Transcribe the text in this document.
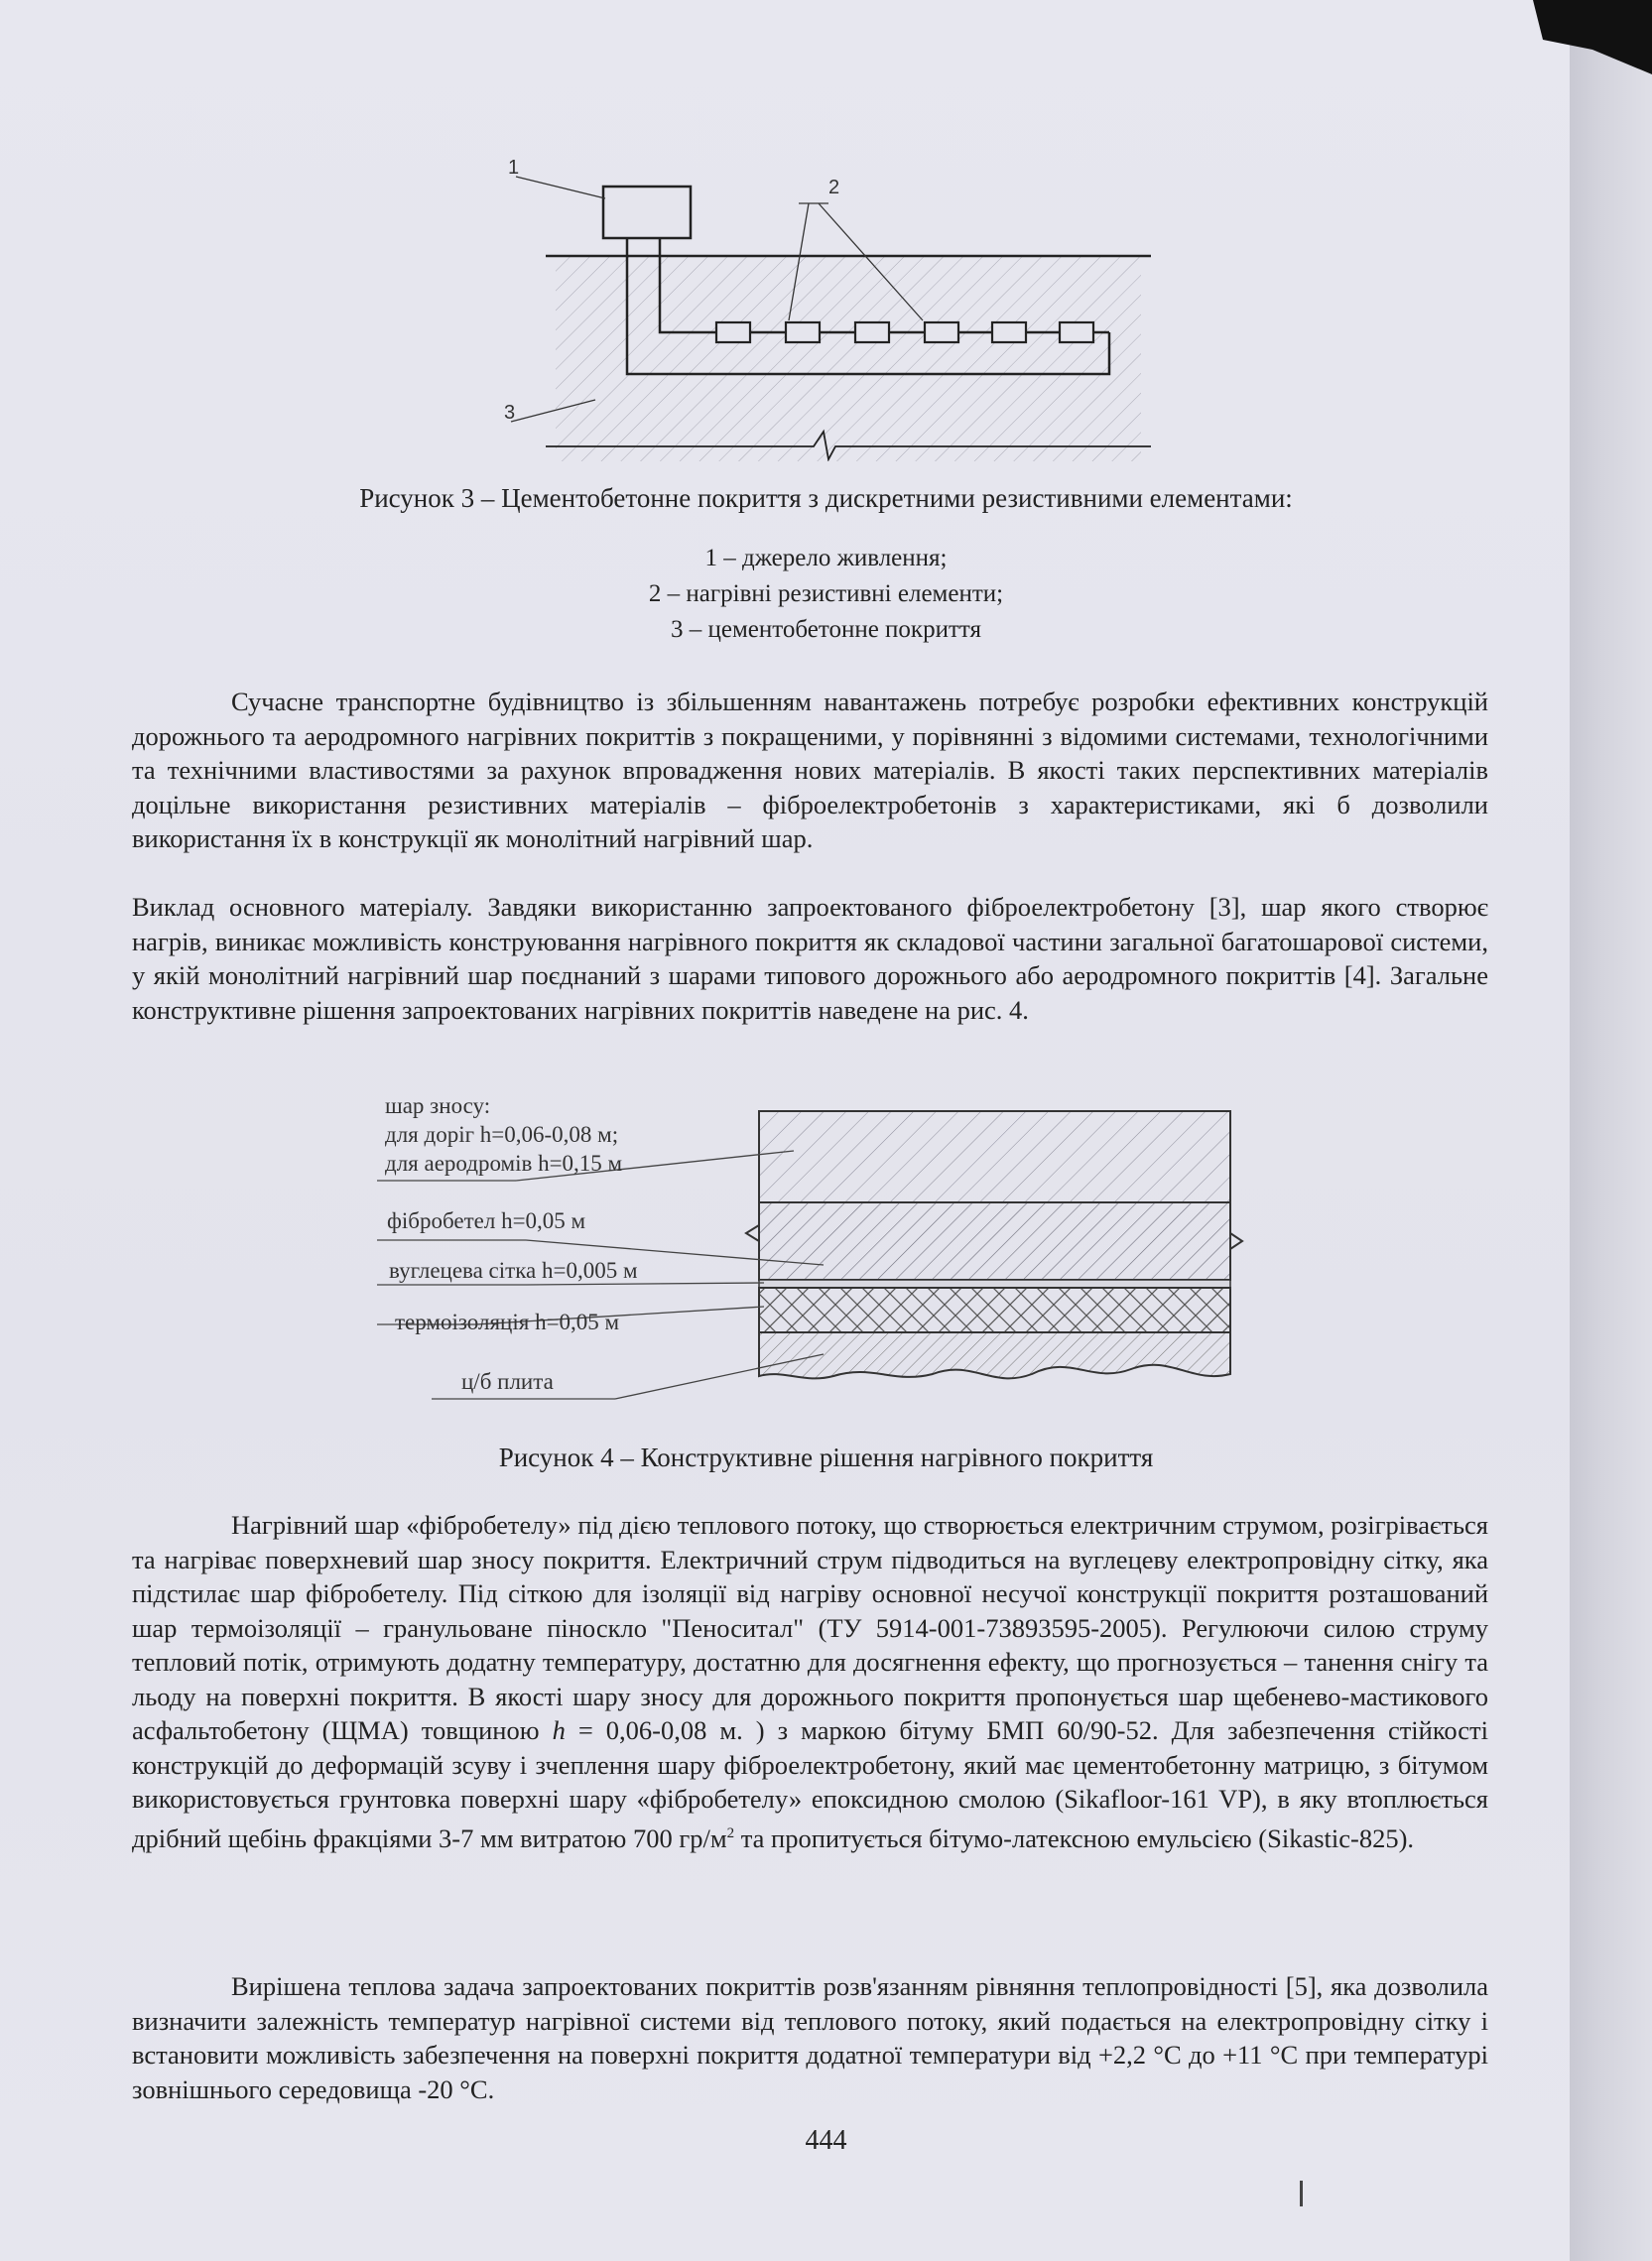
1
2
3
Рисунок 3 – Цементобетонне покриття з дискретними резистивними елементами:
1 – джерело живлення;
2 – нагрівні резистивні елементи;
3 – цементобетонне покриття

Сучасне транспортне будівництво із збільшенням навантажень потребує розробки ефективних конструкцій дорожнього та аеродромного нагрівних покриттів з покращеними, у порівнянні з відомими системами, технологічними та технічними властивостями за рахунок впровадження нових матеріалів. В якості таких перспективних матеріалів доцільне використання резистивних матеріалів – фіброелектробетонів з характеристиками, які б дозволили використання їх в конструкції як монолітний нагрівний шар.

Виклад основного матеріалу. Завдяки використанню запроектованого фіброелектробетону [3], шар якого створює нагрів, виникає можливість конструювання нагрівного покриття як складової частини загальної багатошарової системи, у якій монолітний нагрівний шар поєднаний з шарами типового дорожнього або аеродромного покриттів [4]. Загальне конструктивне рішення запроектованих нагрівних покриттів наведене на рис. 4.

шар зносу:
для доріг h=0,06-0,08 м;
для аеродромів h=0,15 м
фібробетел h=0,05 м
вуглецева сітка h=0,005 м
термоізоляція h=0,05 м
ц/б плита
Рисунок 4 – Конструктивне рішення нагрівного покриття

Нагрівний шар «фібробетелу» під дією теплового потоку, що створюється електричним струмом, розігрівається та нагріває поверхневий шар зносу покриття. Електричний струм підводиться на вуглецеву електропровідну сітку, яка підстилає шар фібробетелу. Під сіткою для ізоляції від нагріву основної несучої конструкції покриття розташований шар термоізоляції – гранульоване піноскло "Пеноситал" (ТУ 5914-001-73893595-2005). Регулюючи силою струму тепловий потік, отримують додатну температуру, достатню для досягнення ефекту, що прогнозується – танення снігу та льоду на поверхні покриття. В якості шару зносу для дорожнього покриття пропонується шар щебенево-мастикового асфальтобетону (ЩМА) товщиною h = 0,06-0,08 м. ) з маркою бітуму БМП 60/90-52. Для забезпечення стійкості конструкцій до деформацій зсуву і зчеплення шару фіброелектробетону, який має цементобетонну матрицю, з бітумом використовується грунтовка поверхні шару «фібробетелу» епоксидною смолою (Sikafloor-161 VP), в яку втоплюється дрібний щебінь фракціями 3-7 мм витратою 700 $гр/м^2$ та пропитується бітумо-латексною емульсією (Sikastic-825).

Вирішена теплова задача запроектованих покриттів розв'язанням рівняння теплопровідності [5], яка дозволила визначити залежність температур нагрівної системи від теплового потоку, який подається на електропровідну сітку і встановити можливість забезпечення на поверхні покриття додатної температури від +2,2 °С до +11 °С при температурі зовнішнього середовища -20 °С.

444
